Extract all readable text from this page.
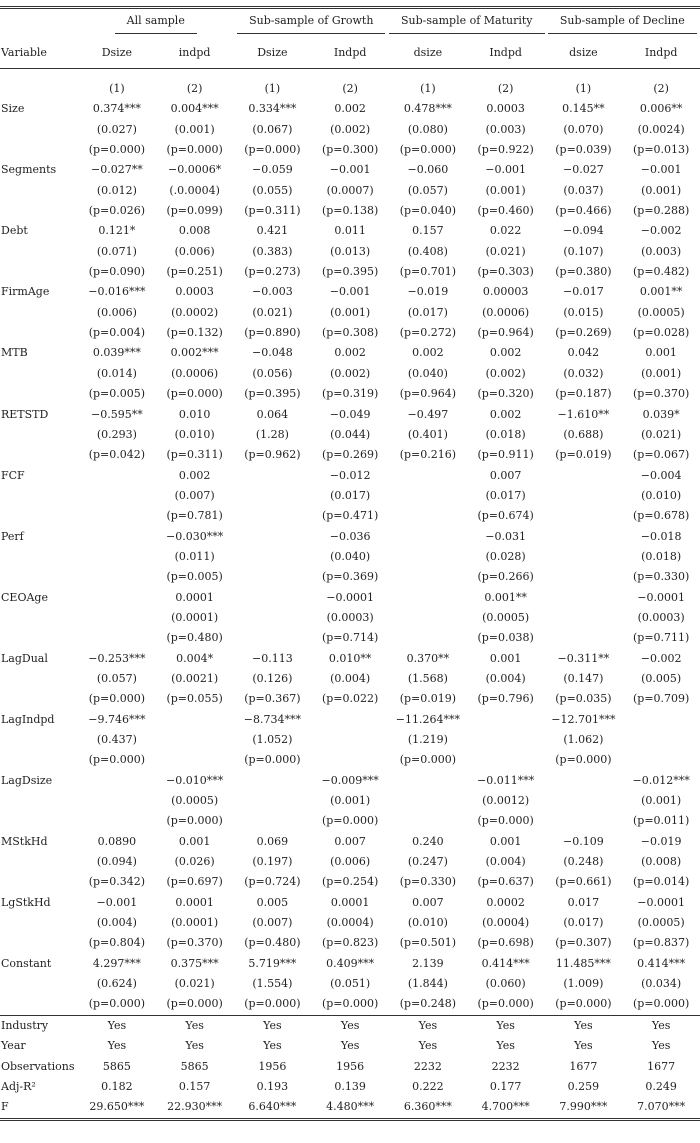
	All sample		Sub-sample of Growth		Sub-sample of Maturity		Sub-sample of Decline	
Variable	Dsize	indpd	Dsize	Indpd	dsize	Indpd	dsize	Indpd

	(1)	(2)	(1)	(2)	(1)	(2)	(1)	(2)
Size	0.374***	0.004***	0.334***	0.002	0.478***	0.0003	0.145**	0.006**
	(0.027)	(0.001)	(0.067)	(0.002)	(0.080)	(0.003)	(0.070)	(0.0024)
	(p=0.000)	(p=0.000)	(p=0.000)	(p=0.300)	(p=0.000)	(p=0.922)	(p=0.039)	(p=0.013)
Segments	−0.027**	−0.0006*	−0.059	−0.001	−0.060	−0.001	−0.027	−0.001
	(0.012)	(.0.0004)	(0.055)	(0.0007)	(0.057)	(0.001)	(0.037)	(0.001)
	(p=0.026)	(p=0.099)	(p=0.311)	(p=0.138)	(p=0.040)	(p=0.460)	(p=0.466)	(p=0.288)
Debt	0.121*	0.008	0.421	0.011	0.157	0.022	−0.094	−0.002
	(0.071)	(0.006)	(0.383)	(0.013)	(0.408)	(0.021)	(0.107)	(0.003)
	(p=0.090)	(p=0.251)	(p=0.273)	(p=0.395)	(p=0.701)	(p=0.303)	(p=0.380)	(p=0.482)
FirmAge	−0.016***	0.0003	−0.003	−0.001	−0.019	0.00003	−0.017	0.001**
	(0.006)	(0.0002)	(0.021)	(0.001)	(0.017)	(0.0006)	(0.015)	(0.0005)
	(p=0.004)	(p=0.132)	(p=0.890)	(p=0.308)	(p=0.272)	(p=0.964)	(p=0.269)	(p=0.028)
MTB	0.039***	0.002***	−0.048	0.002	0.002	0.002	0.042	0.001
	(0.014)	(0.0006)	(0.056)	(0.002)	(0.040)	(0.002)	(0.032)	(0.001)
	(p=0.005)	(p=0.000)	(p=0.395)	(p=0.319)	(p=0.964)	(p=0.320)	(p=0.187)	(p=0.370)
RETSTD	−0.595**	0.010	0.064	−0.049	−0.497	0.002	−1.610**	0.039*
	(0.293)	(0.010)	(1.28)	(0.044)	(0.401)	(0.018)	(0.688)	(0.021)
	(p=0.042)	(p=0.311)	(p=0.962)	(p=0.269)	(p=0.216)	(p=0.911)	(p=0.019)	(p=0.067)
FCF		0.002		−0.012		0.007		−0.004
		(0.007)		(0.017)		(0.017)		(0.010)
		(p=0.781)		(p=0.471)		(p=0.674)		(p=0.678)
Perf		−0.030***		−0.036		−0.031		−0.018
		(0.011)		(0.040)		(0.028)		(0.018)
		(p=0.005)		(p=0.369)		(p=0.266)		(p=0.330)
CEOAge		0.0001		−0.0001		0.001**		−0.0001
		(0.0001)		(0.0003)		(0.0005)		(0.0003)
		(p=0.480)		(p=0.714)		(p=0.038)		(p=0.711)
LagDual	−0.253***	0.004*	−0.113	0.010**	0.370**	0.001	−0.311**	−0.002
	(0.057)	(0.0021)	(0.126)	(0.004)	(1.568)	(0.004)	(0.147)	(0.005)
	(p=0.000)	(p=0.055)	(p=0.367)	(p=0.022)	(p=0.019)	(p=0.796)	(p=0.035)	(p=0.709)
LagIndpd	−9.746***		−8.734***		−11.264***		−12.701***	
	(0.437)		(1.052)		(1.219)		(1.062)	
	(p=0.000)		(p=0.000)		(p=0.000)		(p=0.000)	
LagDsize		−0.010***		−0.009***		−0.011***		−0.012***
		(0.0005)		(0.001)		(0.0012)		(0.001)
		(p=0.000)		(p=0.000)		(p=0.000)		(p=0.011)
MStkHd	0.0890	0.001	0.069	0.007	0.240	0.001	−0.109	−0.019
	(0.094)	(0.026)	(0.197)	(0.006)	(0.247)	(0.004)	(0.248)	(0.008)
	(p=0.342)	(p=0.697)	(p=0.724)	(p=0.254)	(p=0.330)	(p=0.637)	(p=0.661)	(p=0.014)
LgStkHd	−0.001	0.0001	0.005	0.0001	0.007	0.0002	0.017	−0.0001
	(0.004)	(0.0001)	(0.007)	(0.0004)	(0.010)	(0.0004)	(0.017)	(0.0005)
	(p=0.804)	(p=0.370)	(p=0.480)	(p=0.823)	(p=0.501)	(p=0.698)	(p=0.307)	(p=0.837)
Constant	4.297***	0.375***	5.719***	0.409***	2.139	0.414***	11.485***	0.414***
	(0.624)	(0.021)	(1.554)	(0.051)	(1.844)	(0.060)	(1.009)	(0.034)
	(p=0.000)	(p=0.000)	(p=0.000)	(p=0.000)	(p=0.248)	(p=0.000)	(p=0.000)	(p=0.000)
Industry	Yes	Yes	Yes	Yes	Yes	Yes	Yes	Yes
Year	Yes	Yes	Yes	Yes	Yes	Yes	Yes	Yes
Observations	5865	5865	1956	1956	2232	2232	1677	1677
Adj-R²	0.182	0.157	0.193	0.139	0.222	0.177	0.259	0.249
F	29.650***	22.930***	6.640***	4.480***	6.360***	4.700***	7.990***	7.070***
